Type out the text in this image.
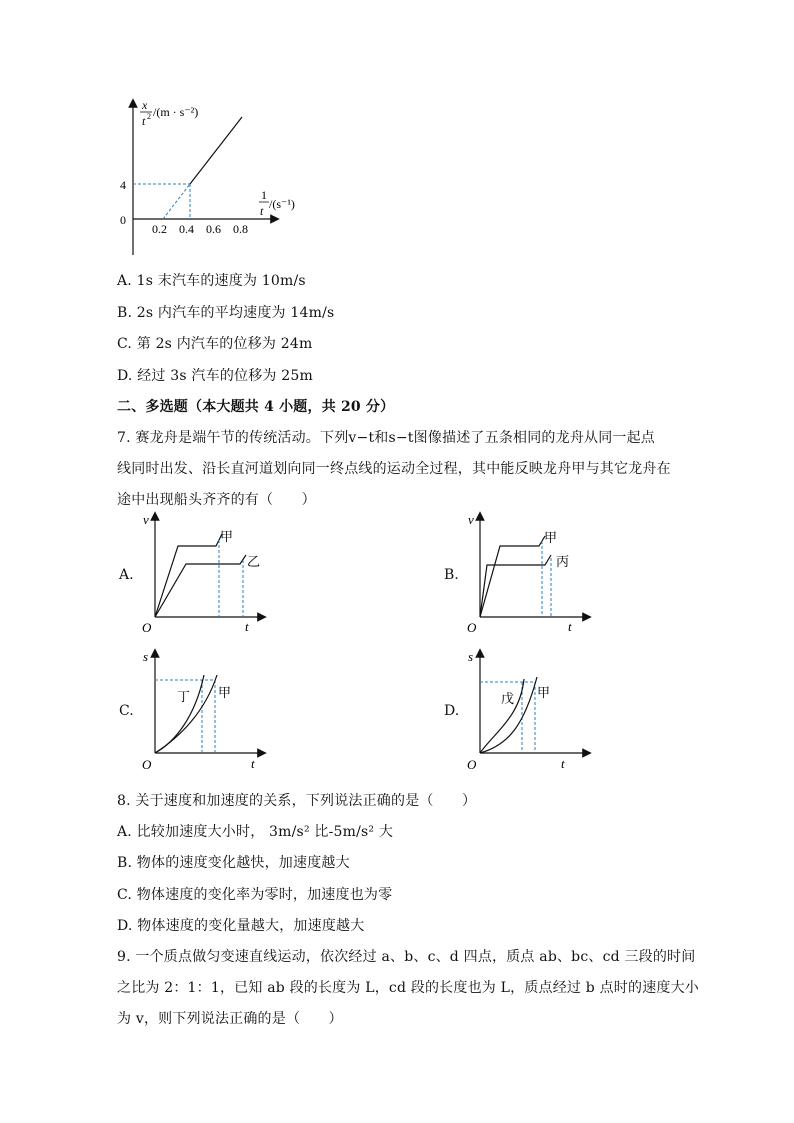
x
t 2 /(m · s⁻²)
1
t /(s⁻¹)
4
0
0.2 0.4 0.6 0.8
A. 1s 末汽车的速度为 10m/s
B. 2s 内汽车的平均速度为 14m/s
C. 第 2s 内汽车的位移为 24m
D. 经过 3s 汽车的位移为 25m
二、多选题（本大题共 4 小题，共 20 分）
7. 赛龙舟是端午节的传统活动。下列v−t和s−t图像描述了五条相同的龙舟从同一起点
线同时出发、沿长直河道划向同一终点线的运动全过程，其中能反映龙舟甲与其它龙舟在
途中出现船头齐齐的有（　　）
A.	B.
C.	D.
v
t
O
甲
乙
v
t
O
甲
丙
s
t
O
丁 甲
s
t
O
戊 甲
8. 关于速度和加速度的关系，下列说法正确的是（　　）
A. 比较加速度大小时， 3m/s² 比-5m/s² 大
B. 物体的速度变化越快，加速度越大
C. 物体速度的变化率为零时，加速度也为零
D. 物体速度的变化量越大，加速度越大
9. 一个质点做匀变速直线运动，依次经过 a、b、c、d 四点，质点 ab、bc、cd 三段的时间
之比为 2：1：1，已知 ab 段的长度为 L，cd 段的长度也为 L，质点经过 b 点时的速度大小
为 v，则下列说法正确的是（　　）
